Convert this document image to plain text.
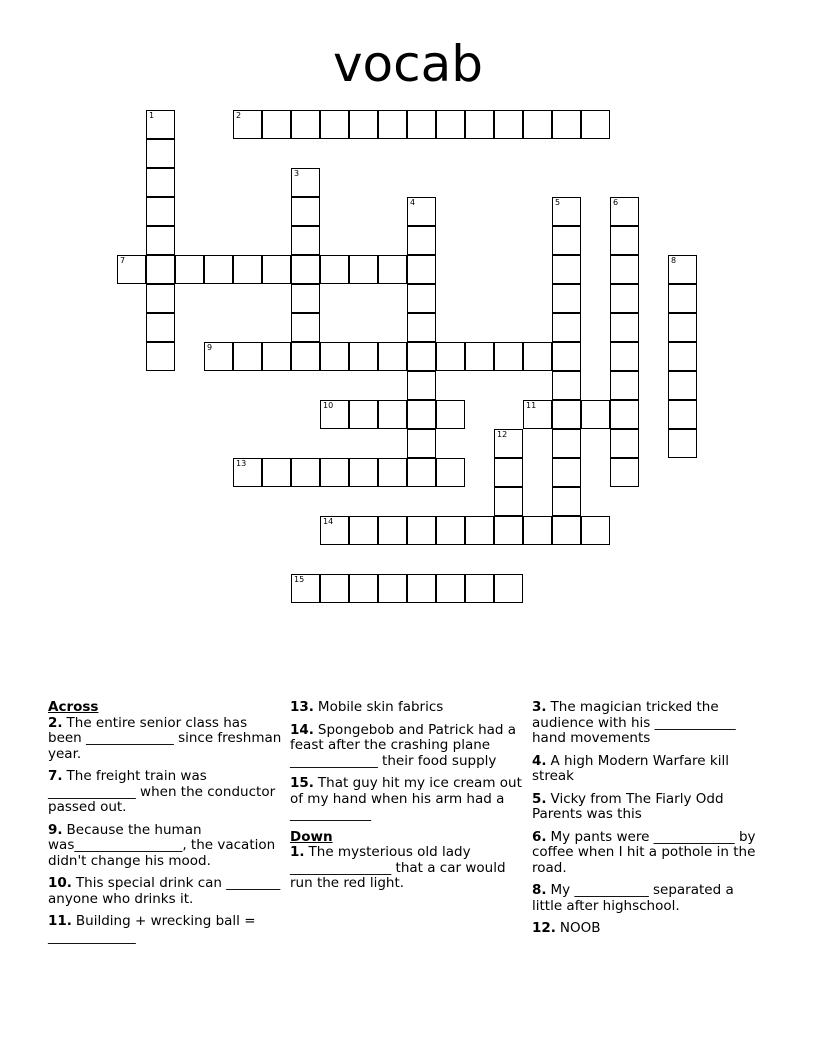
vocab
1	2
3
4	5	6
7	8
9
10	11
12
13
14
15
Across
2. The entire senior class has been _____________ since freshman year.
7. The freight train was _____________ when the conductor passed out.
9. Because the human was________________, the vacation didn't change his mood.
10. This special drink can ________ anyone who drinks it.
11. Building + wrecking ball = _____________
13. Mobile skin fabrics
14. Spongebob and Patrick had a feast after the crashing plane _____________ their food supply
15. That guy hit my ice cream out of my hand when his arm had a ____________
Down
1. The mysterious old lady _______________ that a car would run the red light.
3. The magician tricked the audience with his ____________ hand movements
4. A high Modern Warfare kill streak
5. Vicky from The Fiarly Odd Parents was this
6. My pants were ____________ by coffee when I hit a pothole in the road.
8. My ___________ separated a little after highschool.
12. NOOB
